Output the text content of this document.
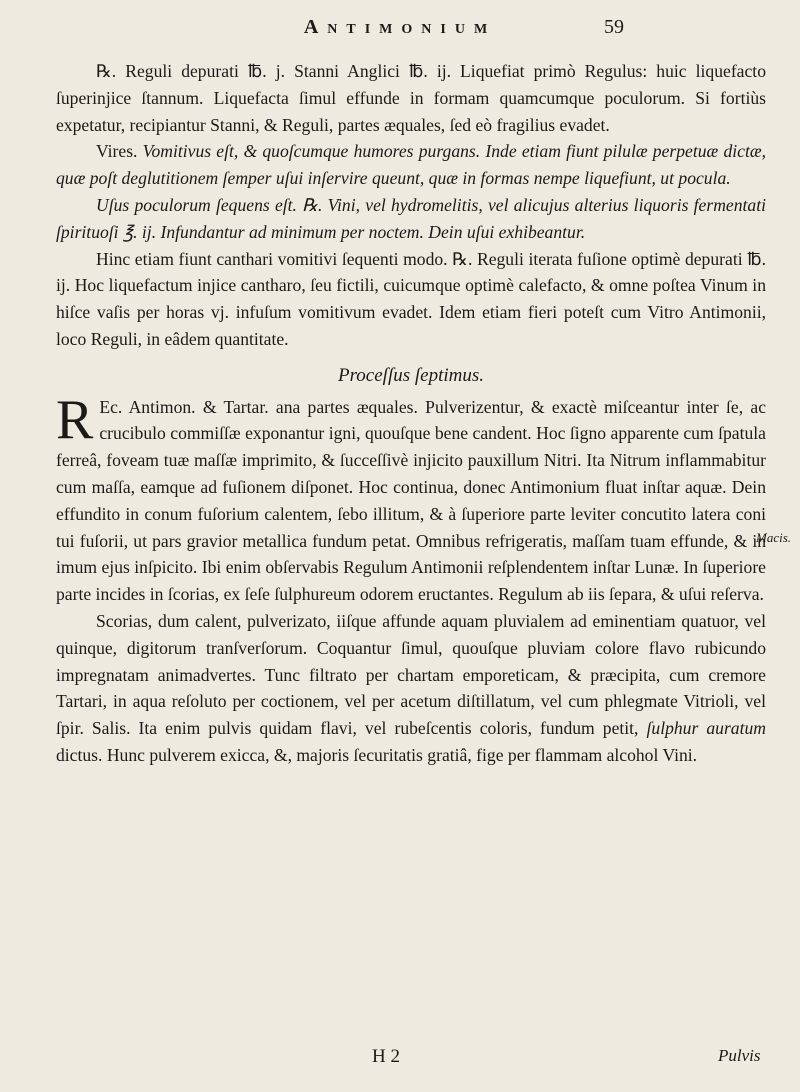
Antimonium	59

℞. Reguli depurati ℔. j. Stanni Anglici ℔. ij. Liquefiat primò Regulus: huic liquefacto ſuperinjice ſtannum. Liquefacta ſimul effunde in formam quamcumque poculorum. Si fortiùs expetatur, recipiantur Stanni, & Reguli, partes æquales, ſed eò fragilius evadet.

Vires. Vomitivus eſt, & quoſcumque humores purgans. Inde etiam fiunt pilulæ perpetuæ dictæ, quæ poſt deglutitionem ſemper uſui inſervire queunt, quæ in formas nempe liquefiunt, ut pocula.

Uſus poculorum ſequens eſt. ℞. Vini, vel hydromelitis, vel alicujus alterius liquoris fermentati ſpirituoſi ℥. ij. Infundantur ad minimum per noctem. Dein uſui exhibeantur.

Hinc etiam fiunt canthari vomitivi ſequenti modo. ℞. Reguli iterata fuſione optimè depurati ℔. ij. Hoc liquefactum injice cantharo, ſeu fictili, cuicumque optimè calefacto, & omne poſtea Vinum in hiſce vaſis per horas vj. infuſum vomitivum evadet. Idem etiam fieri poteſt cum Vitro Antimonii, loco Reguli, in eâdem quantitate.

Proceſſus ſeptimus.

R Ec. Antimon. & Tartar. ana partes æquales. Pulverizentur, & exactè miſceantur inter ſe, ac crucibulo commiſſæ exponantur igni, quouſque bene candent. Hoc ſigno apparente cum ſpatula ferreâ, foveam tuæ maſſæ imprimito, & ſucceſſivè injicito pauxillum Nitri. Ita Nitrum inflammabitur cum maſſa, eamque ad fuſionem diſponet. Hoc continua, donec Antimonium fluat inſtar aquæ. Dein effundito in conum fuſorium calentem, ſebo illitum, & à ſuperiore parte leviter concutito latera coni tui fuſorii, ut pars gravior metallica fundum petat. Omnibus refrigeratis, maſſam tuam effunde, & in imum ejus inſpicito. Ibi enim obſervabis Regulum Antimonii reſplendentem inſtar Lunæ. In ſuperiore parte incides in ſcorias, ex ſeſe ſulphureum odorem eructantes. Regulum ab iis ſepara, & uſui reſerva.

Scorias, dum calent, pulverizato, iiſque affunde aquam pluvialem ad eminentiam quatuor, vel quinque, digitorum tranſverſorum. Coquantur ſimul, quouſque pluviam colore flavo rubicundo impregnatam animadvertes. Tunc filtrato per chartam emporeticam, & præcipita, cum cremore Tartari, in aqua reſoluto per coctionem, vel per acetum diſtillatum, vel cum phlegmate Vitrioli, vel ſpir. Salis. Ita enim pulvis quidam flavi, vel rubeſcentis coloris, fundum petit, ſulphur auratum dictus. Hunc pulverem exicca, &, majoris ſecuritatis gratiâ, fige per flammam alcohol Vini.

Macis.
H 2	Pulvis
